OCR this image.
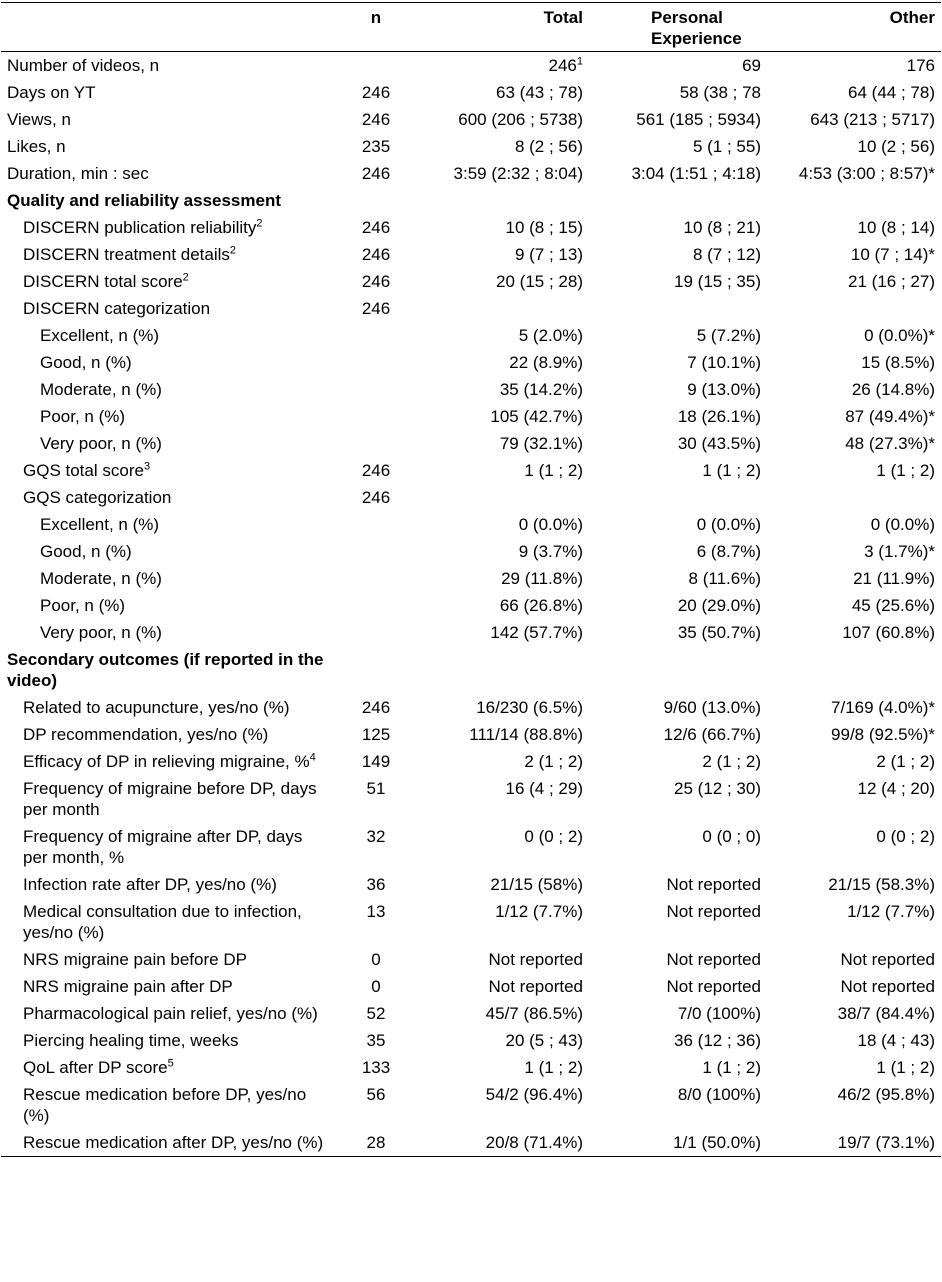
	n	Total	Personal Experience	Other
Number of videos, n		$246^1$	69	176
Days on YT	246	63 (43 ; 78)	58 (38 ; 78	64 (44 ; 78)
Views, n	246	600 (206 ; 5738)	561 (185 ; 5934)	643 (213 ; 5717)
Likes, n	235	8 (2 ; 56)	5 (1 ; 55)	10 (2 ; 56)
Duration, min : sec	246	3:59 (2:32 ; 8:04)	3:04 (1:51 ; 4:18)	4:53 (3:00 ; 8:57)*
Quality and reliability assessment				
DISCERN publication reliability$^2$	246	10 (8 ; 15)	10 (8 ; 21)	10 (8 ; 14)
DISCERN treatment details$^2$	246	9 (7 ; 13)	8 (7 ; 12)	10 (7 ; 14)*
DISCERN total score$^2$	246	20 (15 ; 28)	19 (15 ; 35)	21 (16 ; 27)
DISCERN categorization	246			
Excellent, n (%)		5 (2.0%)	5 (7.2%)	0 (0.0%)*
Good, n (%)		22 (8.9%)	7 (10.1%)	15 (8.5%)
Moderate, n (%)		35 (14.2%)	9 (13.0%)	26 (14.8%)
Poor, n (%)		105 (42.7%)	18 (26.1%)	87 (49.4%)*
Very poor, n (%)		79 (32.1%)	30 (43.5%)	48 (27.3%)*
GQS total score$^3$	246	1 (1 ; 2)	1 (1 ; 2)	1 (1 ; 2)
GQS categorization	246			
Excellent, n (%)		0 (0.0%)	0 (0.0%)	0 (0.0%)
Good, n (%)		9 (3.7%)	6 (8.7%)	3 (1.7%)*
Moderate, n (%)		29 (11.8%)	8 (11.6%)	21 (11.9%)
Poor, n (%)		66 (26.8%)	20 (29.0%)	45 (25.6%)
Very poor, n (%)		142 (57.7%)	35 (50.7%)	107 (60.8%)
Secondary outcomes (if reported in the video)				
Related to acupuncture, yes/no (%)	246	16/230 (6.5%)	9/60 (13.0%)	7/169 (4.0%)*
DP recommendation, yes/no (%)	125	111/14 (88.8%)	12/6 (66.7%)	99/8 (92.5%)*
Efficacy of DP in relieving migraine, %$^4$	149	2 (1 ; 2)	2 (1 ; 2)	2 (1 ; 2)
Frequency of migraine before DP, days per month	51	16 (4 ; 29)	25 (12 ; 30)	12 (4 ; 20)
Frequency of migraine after DP, days per month, %	32	0 (0 ; 2)	0 (0 ; 0)	0 (0 ; 2)
Infection rate after DP, yes/no (%)	36	21/15 (58%)	Not reported	21/15 (58.3%)
Medical consultation due to infection, yes/no (%)	13	1/12 (7.7%)	Not reported	1/12 (7.7%)
NRS migraine pain before DP	0	Not reported	Not reported	Not reported
NRS migraine pain after DP	0	Not reported	Not reported	Not reported
Pharmacological pain relief, yes/no (%)	52	45/7 (86.5%)	7/0 (100%)	38/7 (84.4%)
Piercing healing time, weeks	35	20 (5 ; 43)	36 (12 ; 36)	18 (4 ; 43)
QoL after DP score$^5$	133	1 (1 ; 2)	1 (1 ; 2)	1 (1 ; 2)
Rescue medication before DP, yes/no (%)	56	54/2 (96.4%)	8/0 (100%)	46/2 (95.8%)
Rescue medication after DP, yes/no (%)	28	20/8 (71.4%)	1/1 (50.0%)	19/7 (73.1%)
